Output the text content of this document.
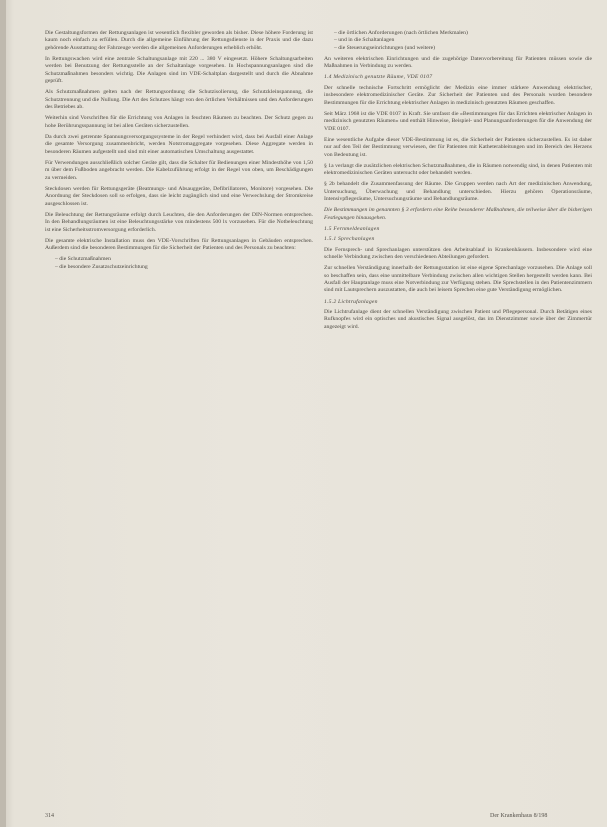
Die Gestaltungsformen der Rettungsanlagen ist wesentlich flexibler geworden als bisher. Diese höhere Forderung ist kaum noch einfach zu erfüllen. Durch die allgemeine Einführung der Rettungsdienste in der Praxis und die dazu gehörende Ausstattung der Fahrzeuge werden die allgemeinen Anforderungen erheblich erhöht.

In Rettungswachen wird eine zentrale Schaltungsanlage mit 220 ... 380 V eingesetzt. Höhere Schaltungsarbeiten werden bei Benutzung der Rettungsstelle an der Schaltanlage vorgesehen. In Hochspannungsanlagen sind die Schutzmaßnahmen besonders wichtig. Die Anlagen sind im VDE-Schaltplan dargestellt und durch die Abnahme geprüft.

Als Schutzmaßnahmen gelten nach der Rettungsordnung die Schutzisolierung, die Schutzkleinspannung, die Schutztrennung und die Nullung. Die Art des Schutzes hängt von den örtlichen Verhältnissen und den Anforderungen des Betriebes ab.

Weiterhin sind Vorschriften für die Errichtung von Anlagen in feuchten Räumen zu beachten. Der Schutz gegen zu hohe Berührungsspannung ist bei allen Geräten sicherzustellen.

Da durch zwei getrennte Spannungsversorgungssysteme in der Regel verhindert wird, dass bei Ausfall einer Anlage die gesamte Versorgung zusammenbricht, werden Notstromaggregate vorgesehen. Diese Aggregate werden in besonderen Räumen aufgestellt und sind mit einer automatischen Umschaltung ausgestattet.

Für Verwendungen ausschließlich solcher Geräte gilt, dass die Schalter für Bedienungen einer Mindesthöhe von 1,50 m über dem Fußboden angebracht werden. Die Kabelzuführung erfolgt in der Regel von oben, um Beschädigungen zu vermeiden.

Steckdosen werden für Rettungsgeräte (Beatmungs- und Absauggeräte, Defibrillatoren, Monitore) vorgesehen. Die Anordnung der Steckdosen soll so erfolgen, dass sie leicht zugänglich sind und eine Verwechslung der Stromkreise ausgeschlossen ist.

Die Beleuchtung der Rettungsräume erfolgt durch Leuchten, die den Anforderungen der DIN-Normen entsprechen. In den Behandlungsräumen ist eine Beleuchtungsstärke von mindestens 500 lx vorzusehen. Für die Notbeleuchtung ist eine Sicherheitsstromversorgung erforderlich.

Die gesamte elektrische Installation muss den VDE-Vorschriften für Rettungsanlagen in Gebäuden entsprechen. Außerdem sind die besonderen Bestimmungen für die Sicherheit der Patienten und des Personals zu beachten:

– die Schutzmaßnahmen
– die besondere Zusatzschutzeinrichtung
– die örtlichen Anforderungen (nach örtlichen Merkmalen)
– und in die Schaltanlagen
– die Steuerungseinrichtungen (und weitere)

An weiteren elektrischen Einrichtungen und die zugehörige Datenvorbereitung für Patienten müssen sowie die Maßnahmen in Verbindung zu werden.

1.4 Medizinisch genutzte Räume, VDE 0107

Der schnelle technische Fortschritt ermöglicht der Medizin eine immer stärkere Anwendung elektrischer, insbesondere elektromedizinischer Geräte. Zur Sicherheit der Patienten und des Personals wurden besondere Bestimmungen für die Errichtung elektrischer Anlagen in medizinisch genutzten Räumen geschaffen.

Seit März 1968 ist die VDE 0107 in Kraft. Sie umfasst die »Bestimmungen für das Errichten elektrischer Anlagen in medizinisch genutzten Räumen« und enthält Hinweise, Beispiel- und Planungsanforderungen für die Anwendung der VDE 0107.

Eine wesentliche Aufgabe dieser VDE-Bestimmung ist es, die Sicherheit der Patienten sicherzustellen. Es ist daher nur auf den Teil der Bestimmung verwiesen, der für Patienten mit Katheterableitungen und im Bereich des Herzens von Bedeutung ist.

§ 1a verlangt die zusätzlichen elektrischen Schutzmaßnahmen, die in Räumen notwendig sind, in denen Patienten mit elektromedizinischen Geräten untersucht oder behandelt werden.

§ 2b behandelt die Zusammenfassung der Räume. Die Gruppen werden nach Art der medizinischen Anwendung, Untersuchung, Überwachung und Behandlung unterschieden. Hierzu gehören Operationsräume, Intensivpflegeräume, Untersuchungsräume und Behandlungsräume.

Die Bestimmungen im genannten § 3 erfordern eine Reihe besonderer Maßnahmen, die teilweise über die bisherigen Festlegungen hinausgehen.

1.5 Fernmeldeanlagen

1.5.1 Sprechanlagen

Die Fernsprech- und Sprechanlagen unterstützen den Arbeitsablauf in Krankenhäusern. Insbesondere wird eine schnelle Verbindung zwischen den verschiedenen Abteilungen gefordert.

Zur schnellen Verständigung innerhalb der Rettungsstation ist eine eigene Sprechanlage vorzusehen. Die Anlage soll so beschaffen sein, dass eine unmittelbare Verbindung zwischen allen wichtigen Stellen hergestellt werden kann. Bei Ausfall der Hauptanlage muss eine Notverbindung zur Verfügung stehen. Die Sprechstellen in den Patientenzimmern sind mit Lautsprechern auszustatten, die auch bei leisem Sprechen eine gute Verständigung ermöglichen.

1.5.2 Lichtrufanlagen

Die Lichtrufanlage dient der schnellen Verständigung zwischen Patient und Pflegepersonal. Durch Betätigen eines Rufknopfes wird ein optisches und akustisches Signal ausgelöst, das im Dienstzimmer sowie über der Zimmertür angezeigt wird.

314	Der Krankenhaus 8/198
